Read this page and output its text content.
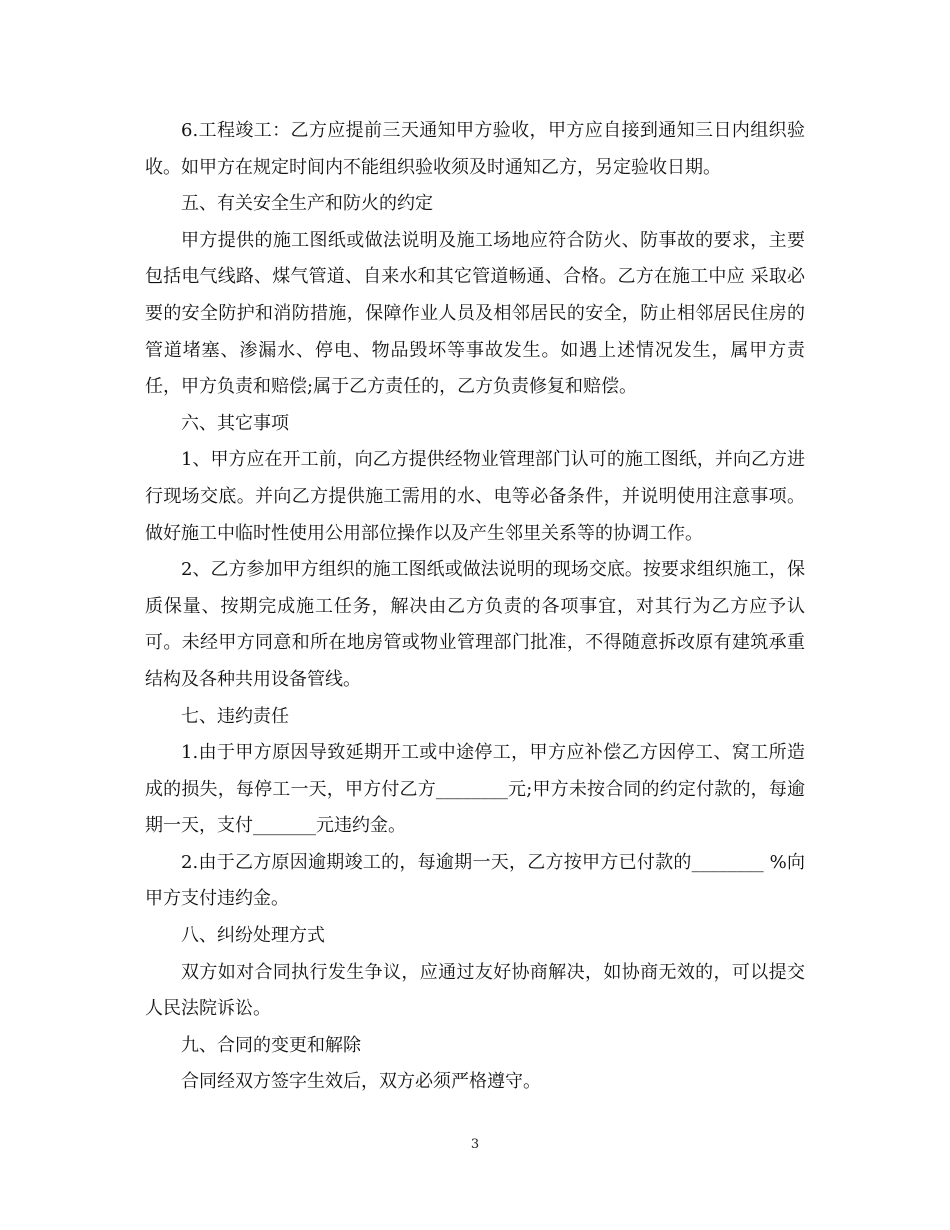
6.工程竣工：乙方应提前三天通知甲方验收，甲方应自接到通知三日内组织验收。如甲方在规定时间内不能组织验收须及时通知乙方，另定验收日期。

五、有关安全生产和防火的约定

甲方提供的施工图纸或做法说明及施工场地应符合防火、防事故的要求，主要包括电气线路、煤气管道、自来水和其它管道畅通、合格。乙方在施工中应 采取必要的安全防护和消防措施，保障作业人员及相邻居民的安全，防止相邻居民住房的管道堵塞、渗漏水、停电、物品毁坏等事故发生。如遇上述情况发生，属甲方责任，甲方负责和赔偿;属于乙方责任的，乙方负责修复和赔偿。

六、其它事项

1、甲方应在开工前，向乙方提供经物业管理部门认可的施工图纸，并向乙方进行现场交底。并向乙方提供施工需用的水、电等必备条件，并说明使用注意事项。做好施工中临时性使用公用部位操作以及产生邻里关系等的协调工作。

2、乙方参加甲方组织的施工图纸或做法说明的现场交底。按要求组织施工，保质保量、按期完成施工任务，解决由乙方负责的各项事宜，对其行为乙方应予认可。未经甲方同意和所在地房管或物业管理部门批准，不得随意拆改原有建筑承重结构及各种共用设备管线。

七、违约责任

1.由于甲方原因导致延期开工或中途停工，甲方应补偿乙方因停工、窝工所造成的损失，每停工一天，甲方付乙方________元;甲方未按合同的约定付款的，每逾期一天，支付_______元违约金。

2.由于乙方原因逾期竣工的，每逾期一天，乙方按甲方已付款的________ %向甲方支付违约金。

八、纠纷处理方式

双方如对合同执行发生争议，应通过友好协商解决，如协商无效的，可以提交人民法院诉讼。

九、合同的变更和解除

合同经双方签字生效后，双方必须严格遵守。

3
